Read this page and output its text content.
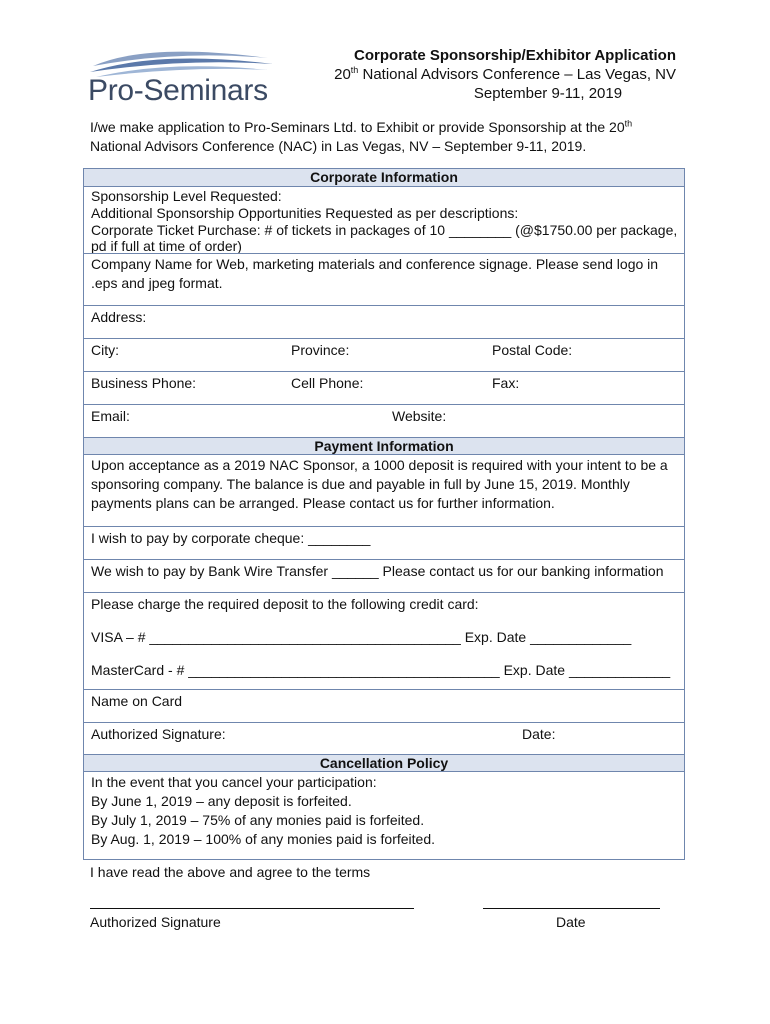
Pro-Seminars
Corporate Sponsorship/Exhibitor Application
20th National Advisors Conference – Las Vegas, NV
September 9-11, 2019
I/we make application to Pro-Seminars Ltd. to Exhibit or provide Sponsorship at the 20th
National Advisors Conference (NAC) in Las Vegas, NV – September 9-11, 2019.
Corporate Information
Sponsorship Level Requested:
Additional Sponsorship Opportunities Requested as per descriptions:
Corporate Ticket Purchase: # of tickets in packages of 10 ________ (@$1750.00 per package,
pd if full at time of order)
Company Name for Web, marketing materials and conference signage. Please send logo in
.eps and jpeg format.
Address:
City:	Province:	Postal Code:
Business Phone:	Cell Phone:	Fax:
Email:	Website:
Payment Information
Upon acceptance as a 2019 NAC Sponsor, a 1000 deposit is required with your intent to be a
sponsoring company. The balance is due and payable in full by June 15, 2019. Monthly
payments plans can be arranged. Please contact us for further information.
I wish to pay by corporate cheque: ________
We wish to pay by Bank Wire Transfer ______ Please contact us for our banking information
Please charge the required deposit to the following credit card:
VISA – # ________________________________________ Exp. Date _____________
MasterCard - # ________________________________________ Exp. Date _____________
Name on Card
Authorized Signature:	Date:
Cancellation Policy
In the event that you cancel your participation:
By June 1, 2019 – any deposit is forfeited.
By July 1, 2019 – 75% of any monies paid is forfeited.
By Aug. 1, 2019 – 100% of any monies paid is forfeited.
I have read the above and agree to the terms
Authorized Signature	Date
